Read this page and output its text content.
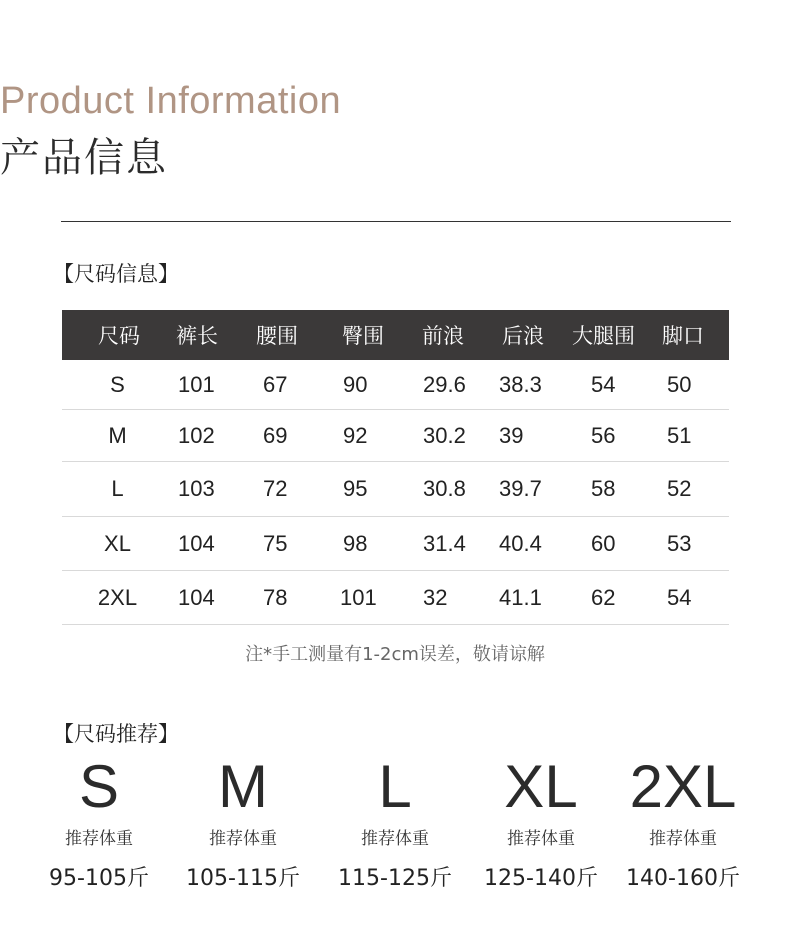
Product Information
产品信息
【尺码信息】
尺码	裤长	腰围	臀围	前浪	后浪	大腿围	脚口
S	101	67	90	29.6	38.3	54	50
M	102	69	92	30.2	39	56	51
L	103	72	95	30.8	39.7	58	52
XL	104	75	98	31.4	40.4	60	53
2XL	104	78	101	32	41.1	62	54
注*手工测量有1-2cm误差，敬请谅解
【尺码推荐】
S
推荐体重
95-105斤
M
推荐体重
105-115斤
L
推荐体重
115-125斤
XL
推荐体重
125-140斤
2XL
推荐体重
140-160斤
